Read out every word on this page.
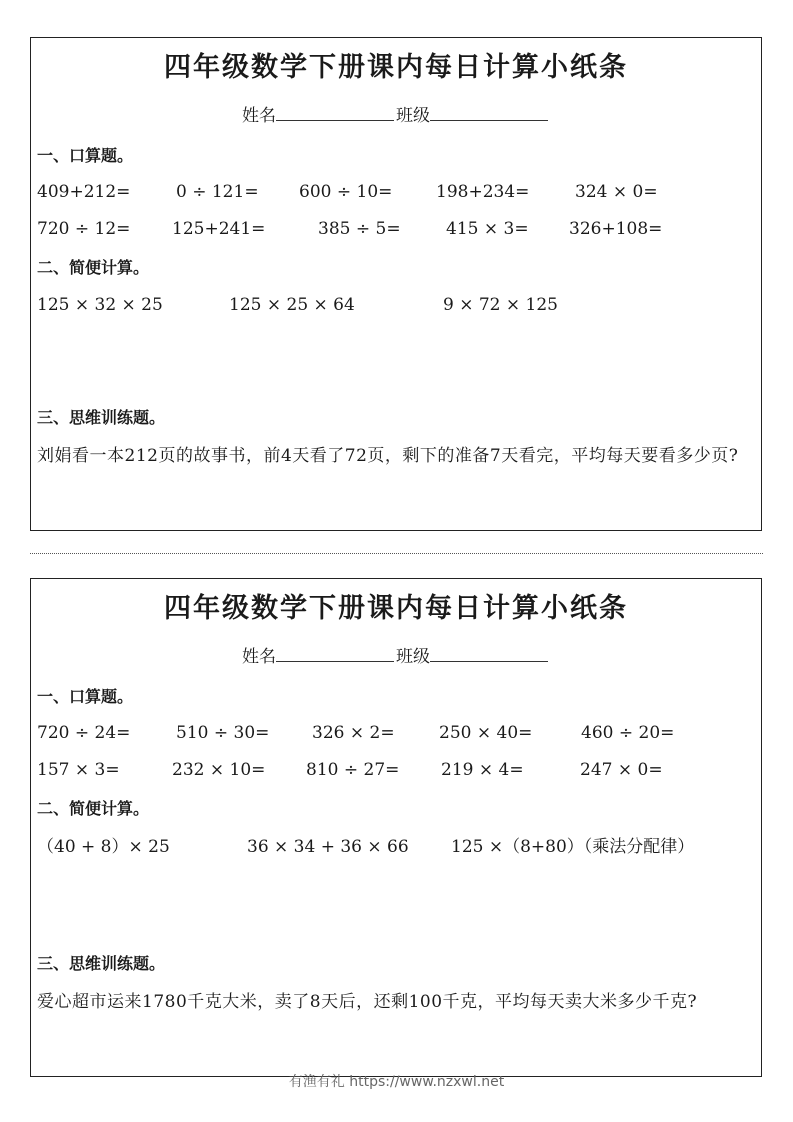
四年级数学下册课内每日计算小纸条
姓名	班级
一、口算题。
409+212=	0 ÷ 121= 600 ÷ 10=	198+234=	324 × 0=
720 ÷ 12= 125+241=	385 ÷ 5=	415 × 3= 326+108=
二、简便计算。
125 × 32 × 25	125 × 25 × 64	9 × 72 × 125
三、思维训练题。
刘娟看一本212页的故事书，前4天看了72页，剩下的准备7天看完，平均每天要看多少页?
四年级数学下册课内每日计算小纸条
姓名	班级
一、口算题。
720 ÷ 24=	510 ÷ 30=	326 × 2=	250 × 40=	460 ÷ 20=
157 × 3=	232 × 10= 810 ÷ 27= 219 × 4=	247 × 0=
二、简便计算。
（40 + 8）× 25	36 × 34 + 36 × 66 125 ×（8+80）（乘法分配律）
三、思维训练题。
爱心超市运来1780千克大米，卖了8天后，还剩100千克，平均每天卖大米多少千克?
有渔有礼 https://www.nzxwl.net
